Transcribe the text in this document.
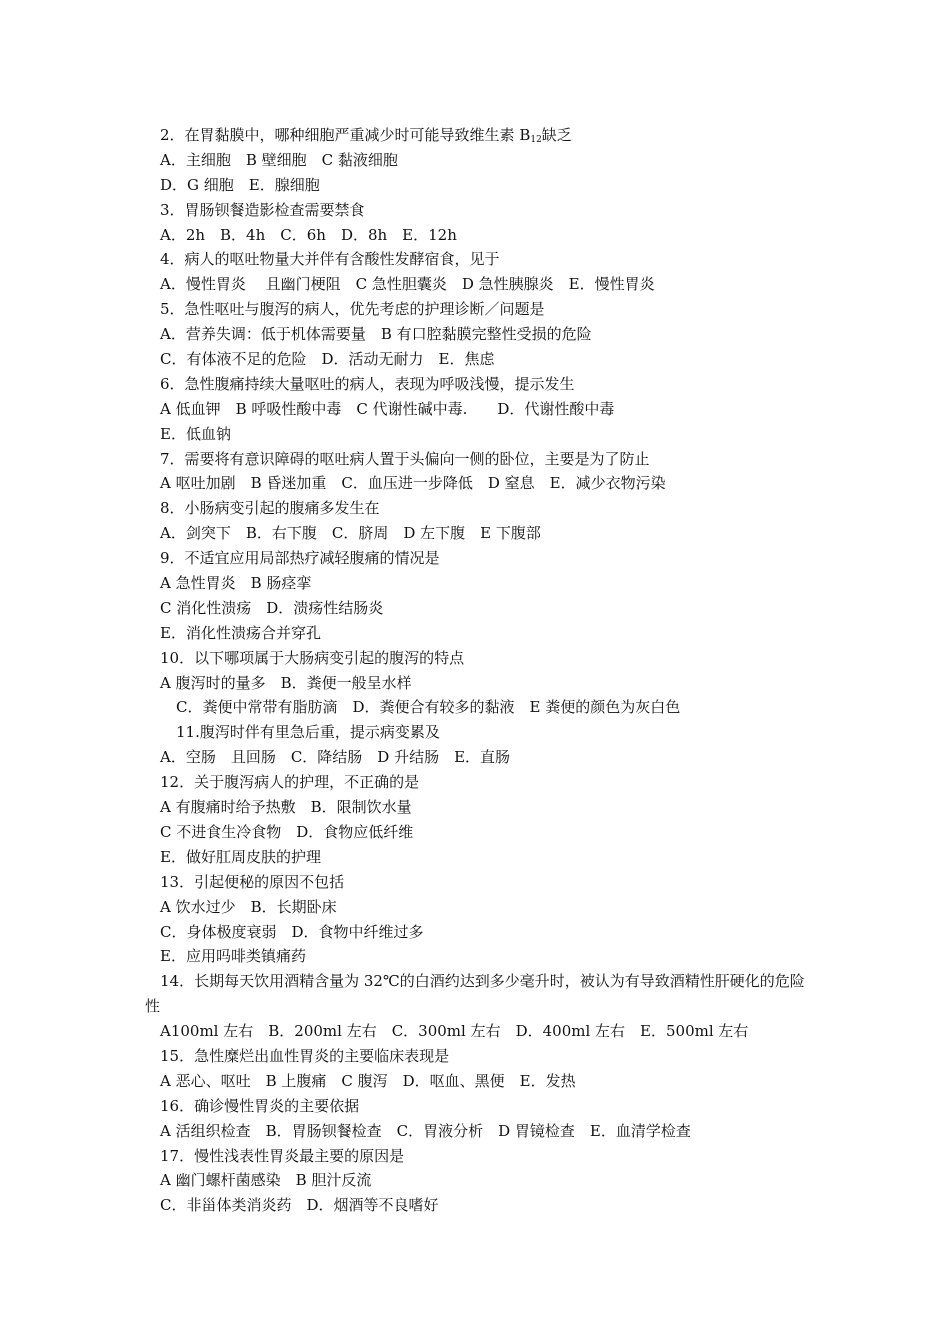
2．在胃黏膜中，哪种细胞严重减少时可能导致维生素 $B_{12}$缺乏
A．主细胞　B 壁细胞　C 黏液细胞
D．G 细胞　E．腺细胞
3．胃肠钡餐造影检查需要禁食
A．2h　B．4h　C．6h　D．8h　E．12h
4．病人的呕吐物量大并伴有含酸性发酵宿食，见于
A．慢性胃炎　 且幽门梗阻　C 急性胆囊炎　D 急性胰腺炎　E．慢性胃炎
5．急性呕吐与腹泻的病人，优先考虑的护理诊断／问题是
A．营养失调：低于机体需要量　B 有口腔黏膜完整性受损的危险
C．有体液不足的危险　D．活动无耐力　E．焦虑
6．急性腹痛持续大量呕吐的病人，表现为呼吸浅慢，提示发生
A 低血钾　B 呼吸性酸中毒　C 代谢性碱中毒.　　D．代谢性酸中毒
E．低血钠
7．需要将有意识障碍的呕吐病人置于头偏向一侧的卧位，主要是为了防止
A 呕吐加剧　B 昏迷加重　C．血压进一步降低　D 窒息　E．减少衣物污染
8．小肠病变引起的腹痛多发生在
A．剑突下　B．右下腹　C．脐周　D 左下腹　E 下腹部
9．不适宜应用局部热疗减轻腹痛的情况是
A 急性胃炎　B 肠痉挛
C 消化性溃疡　D．溃疡性结肠炎
E．消化性溃疡合并穿孔
10．以下哪项属于大肠病变引起的腹泻的特点
A 腹泻时的量多　B．粪便一般呈水样
C．粪便中常带有脂肪滴　D．粪便合有较多的黏液　E 粪便的颜色为灰白色
11.腹泻时伴有里急后重，提示病变累及
A．空肠　且回肠　C．降结肠　D 升结肠　E．直肠
12．关于腹泻病人的护理，不正确的是
A 有腹痛时给予热敷　B．限制饮水量
C 不进食生冷食物　D．食物应低纤维
E．做好肛周皮肤的护理
13．引起便秘的原因不包括
A 饮水过少　B．长期卧床
C．身体极度衰弱　D．食物中纤维过多
E．应用吗啡类镇痛药
14．长期每天饮用酒精含量为 32℃的白酒约达到多少毫升时，被认为有导致酒精性肝硬化的危险性
A100ml 左右　B．200ml 左右　C．300ml 左右　D．400ml 左右　E．500ml 左右
15．急性糜烂出血性胃炎的主要临床表现是
A 恶心、呕吐　B 上腹痛　C 腹泻　D．呕血、黑便　E．发热
16．确诊慢性胃炎的主要依据
A 活组织检查　B．胃肠钡餐检查　C．胃液分析　D 胃镜检查　E．血清学检查
17．慢性浅表性胃炎最主要的原因是
A 幽门螺杆菌感染　B 胆汁反流
C．非甾体类消炎药　D．烟酒等不良嗜好
